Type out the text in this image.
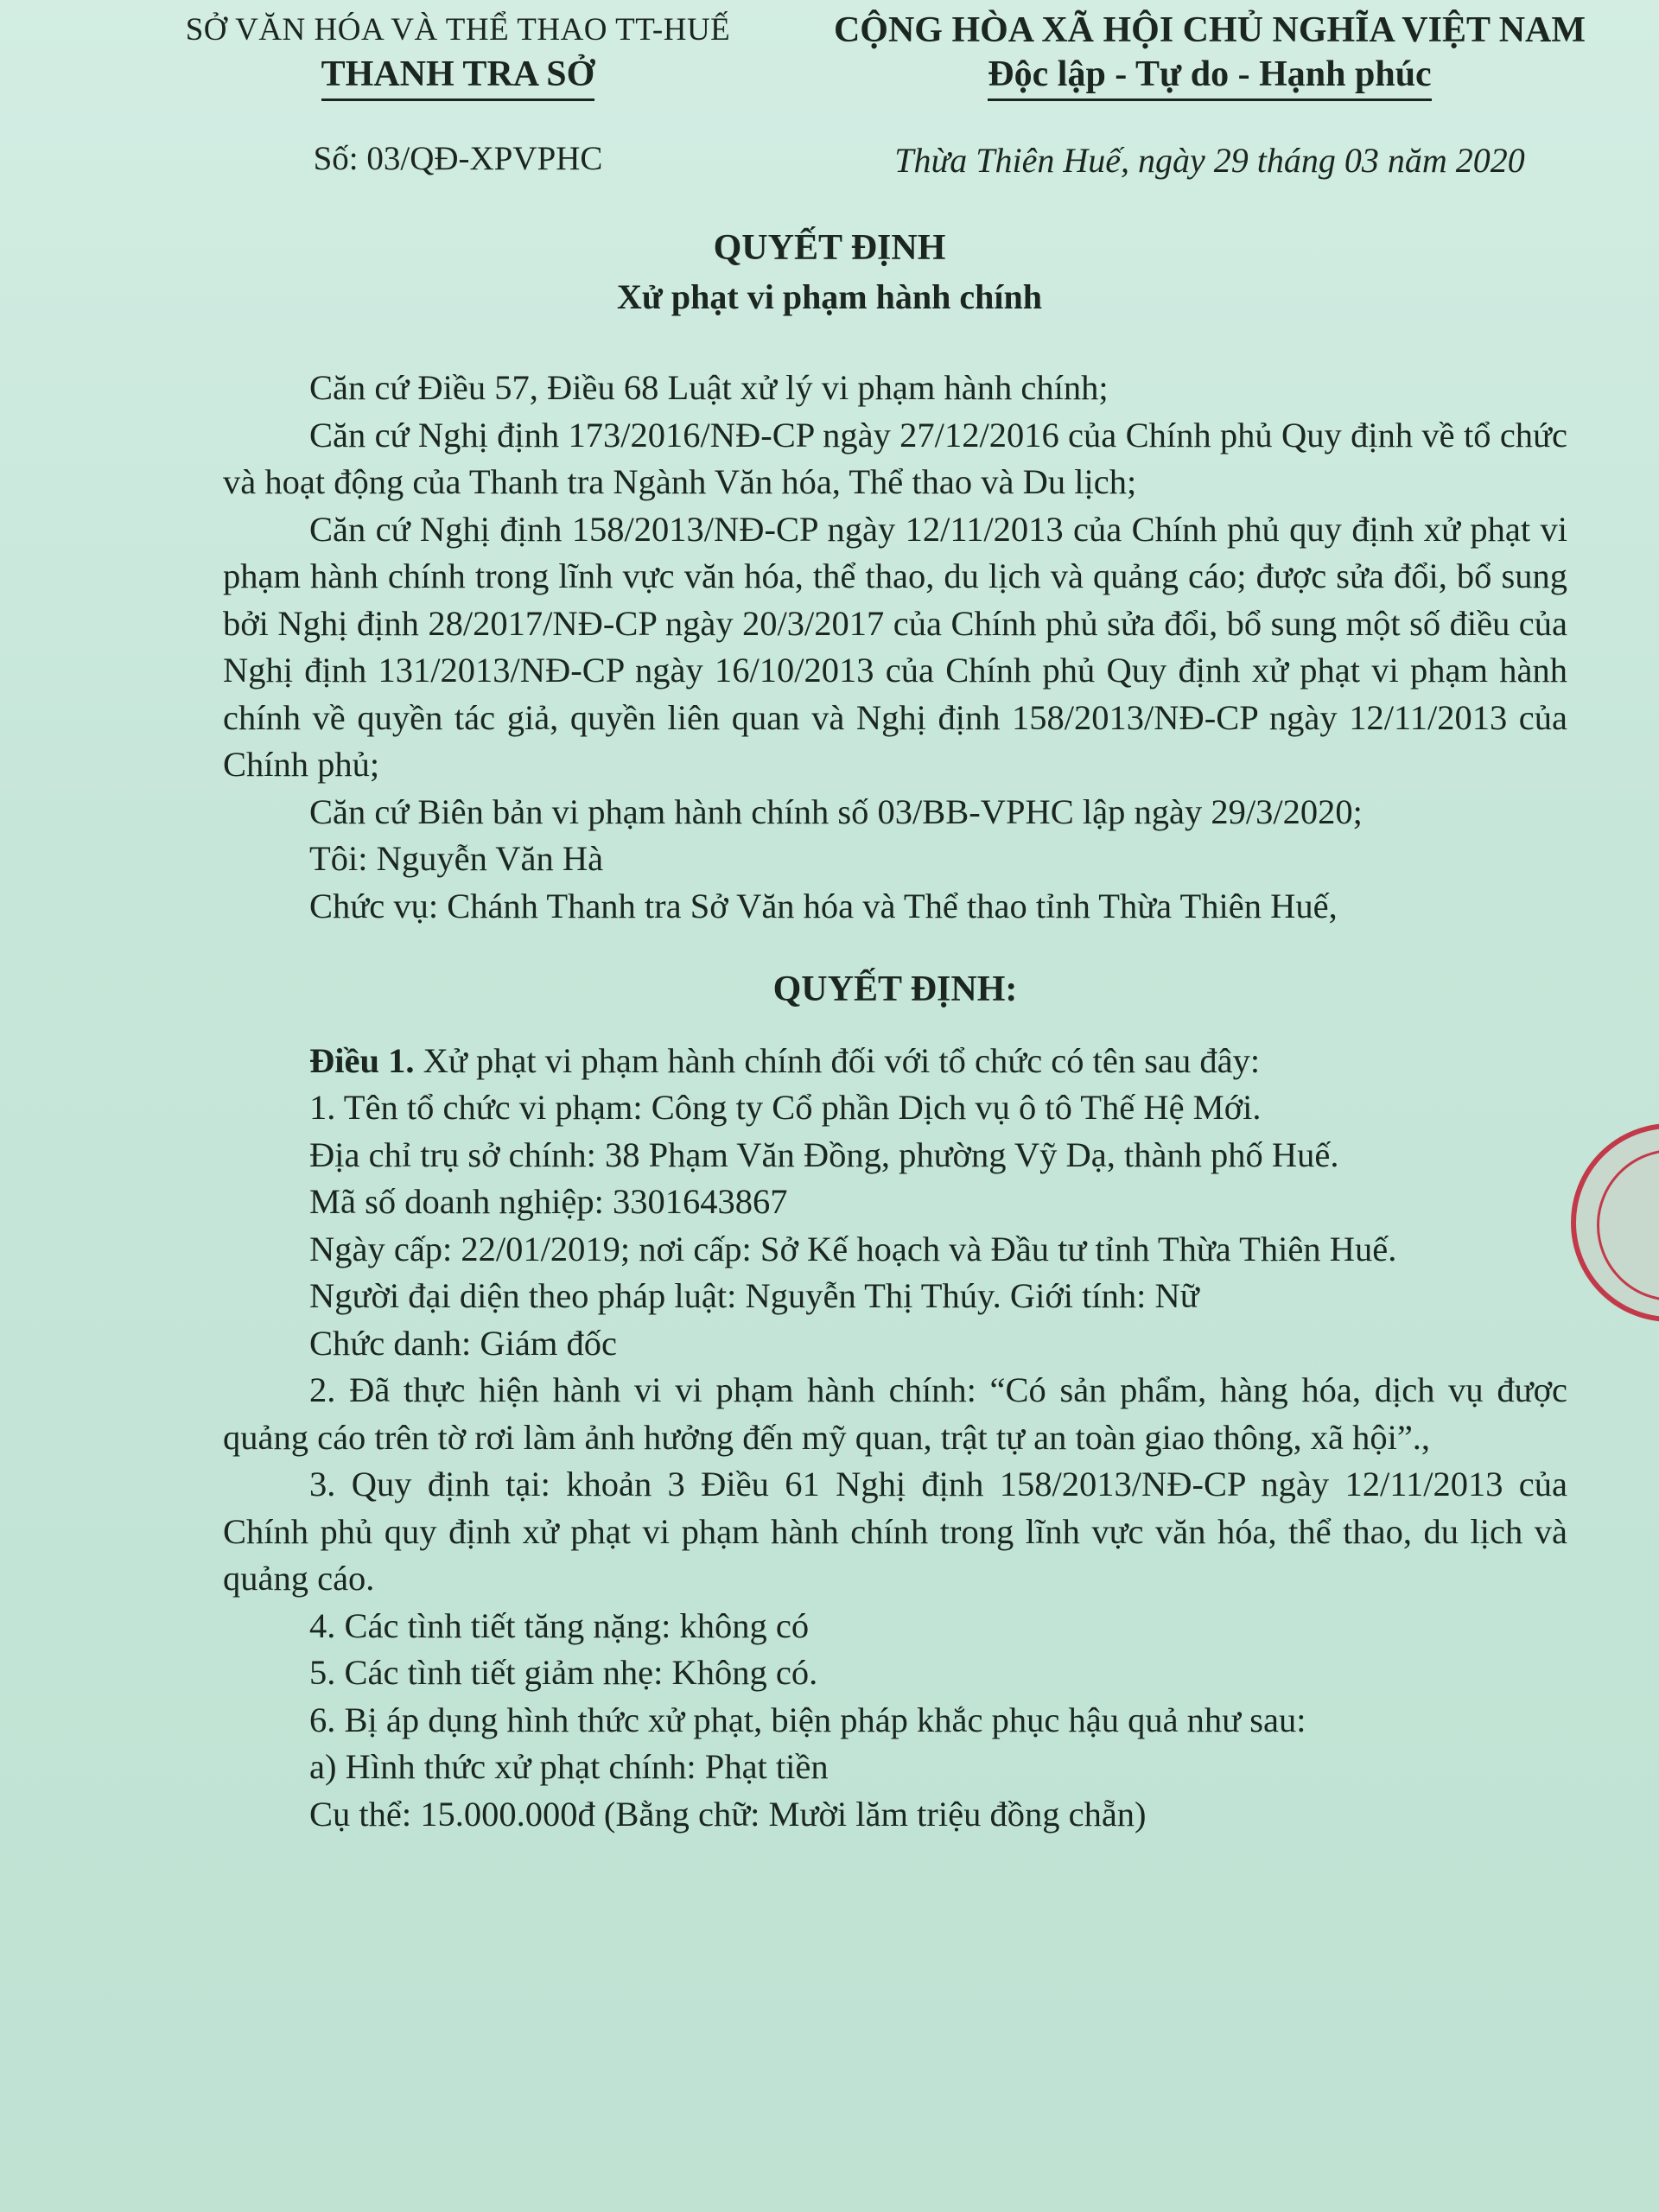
SỞ VĂN HÓA VÀ THỂ THAO TT-HUẾ
THANH TRA SỞ
Số: 03/QĐ-XPVPHC
CỘNG HÒA XÃ HỘI CHỦ NGHĨA VIỆT NAM
Độc lập - Tự do - Hạnh phúc
Thừa Thiên Huế, ngày 29 tháng 03 năm 2020
QUYẾT ĐỊNH
Xử phạt vi phạm hành chính

Căn cứ Điều 57, Điều 68 Luật xử lý vi phạm hành chính;

Căn cứ Nghị định 173/2016/NĐ-CP ngày 27/12/2016 của Chính phủ Quy định về tổ chức và hoạt động của Thanh tra Ngành Văn hóa, Thể thao và Du lịch;

Căn cứ Nghị định 158/2013/NĐ-CP ngày 12/11/2013 của Chính phủ quy định xử phạt vi phạm hành chính trong lĩnh vực văn hóa, thể thao, du lịch và quảng cáo; được sửa đổi, bổ sung bởi Nghị định 28/2017/NĐ-CP ngày 20/3/2017 của Chính phủ sửa đổi, bổ sung một số điều của Nghị định 131/2013/NĐ-CP ngày 16/10/2013 của Chính phủ Quy định xử phạt vi phạm hành chính về quyền tác giả, quyền liên quan và Nghị định 158/2013/NĐ-CP ngày 12/11/2013 của Chính phủ;

Căn cứ Biên bản vi phạm hành chính số 03/BB-VPHC lập ngày 29/3/2020;

Tôi: Nguyễn Văn Hà

Chức vụ: Chánh Thanh tra Sở Văn hóa và Thể thao tỉnh Thừa Thiên Huế,

QUYẾT ĐỊNH:

Điều 1. Xử phạt vi phạm hành chính đối với tổ chức có tên sau đây:

1. Tên tổ chức vi phạm: Công ty Cổ phần Dịch vụ ô tô Thế Hệ Mới.

Địa chỉ trụ sở chính: 38 Phạm Văn Đồng, phường Vỹ Dạ, thành phố Huế.

Mã số doanh nghiệp: 3301643867

Ngày cấp: 22/01/2019; nơi cấp: Sở Kế hoạch và Đầu tư tỉnh Thừa Thiên Huế.

Người đại diện theo pháp luật: Nguyễn Thị Thúy. Giới tính: Nữ

Chức danh: Giám đốc

2. Đã thực hiện hành vi vi phạm hành chính: “Có sản phẩm, hàng hóa, dịch vụ được quảng cáo trên tờ rơi làm ảnh hưởng đến mỹ quan, trật tự an toàn giao thông, xã hội”.,

3. Quy định tại: khoản 3 Điều 61 Nghị định 158/2013/NĐ-CP ngày 12/11/2013 của Chính phủ quy định xử phạt vi phạm hành chính trong lĩnh vực văn hóa, thể thao, du lịch và quảng cáo.

4. Các tình tiết tăng nặng: không có

5. Các tình tiết giảm nhẹ: Không có.

6. Bị áp dụng hình thức xử phạt, biện pháp khắc phục hậu quả như sau:

a) Hình thức xử phạt chính: Phạt tiền

Cụ thể: 15.000.000đ (Bằng chữ: Mười lăm triệu đồng chẵn)
